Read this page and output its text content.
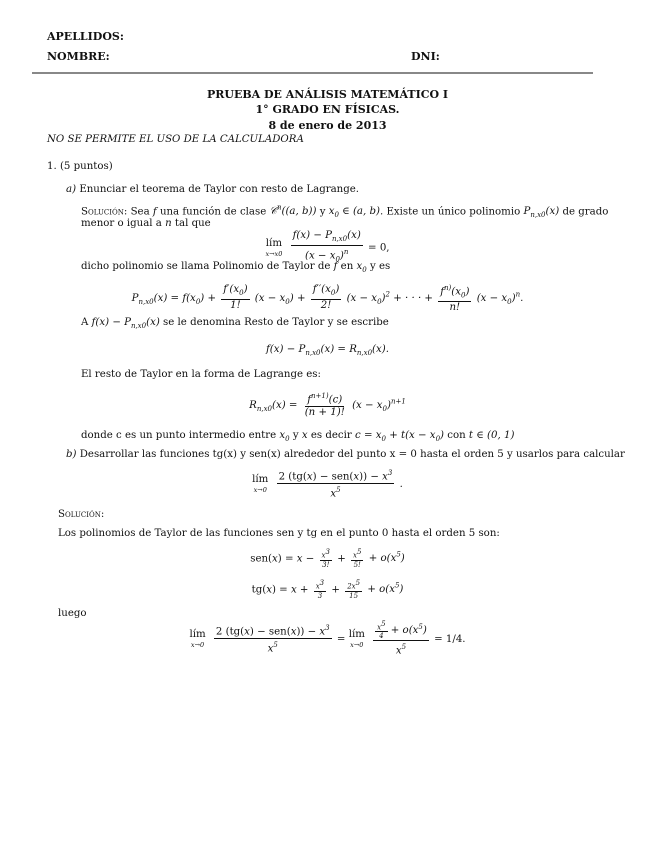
APELLIDOS:
NOMBRE:	DNI:
PRUEBA DE ANÁLISIS MATEMÁTICO I
1° GRADO EN FÍSICAS.
8 de enero de 2013
NO SE PERMITE EL USO DE LA CALCULADORA
1. (5 puntos)
a) Enunciar el teorema de Taylor con resto de Lagrange.
Solución: Sea f una función de clase 𝒞$^n$((a, b)) y $x_0$ ∈ (a, b). Existe un único polinomio $P_{n,x0}(x)$ de grado
menor o igual a n tal que
lím
x→x0
$\frac{f(x) - P_{n,x0}(x)}{(x - x_0)^n} = 0$,
dicho polinomio se llama Polinomio de Taylor de f en $x_0$ y es
$P_{n,x0}(x) = f(x_0) + \frac{f'(x_0)}{1!} (x - x_0) + \frac{f''(x_0)}{2!} (x - x_0)^2$ + · · · + $\frac{f^{n)}(x_0)}{n!} (x - x_0)^n$.
A $f(x) - P_{n,x0}(x)$ se le denomina Resto de Taylor y se escribe
$f(x) - P_{n,x0}(x) = R_{n,x0}(x)$.
El resto de Taylor en la forma de Lagrange es:
$R_{n,x0}(x) = \frac{f^{n+1)}(c)}{(n + 1)!} (x - x_0)^{n+1}$
donde c es un punto intermedio entre $x_0$ y x es decir $c = x_0 + t(x - x_0)$ con t ∈ (0, 1)
b) Desarrollar las funciones tg(x) y sen(x) alrededor del punto x = 0 hasta el orden 5 y usarlos para calcular
lím
x→0
$\frac{2 (tg(x) - sen(x)) - x^3}{x^5}$ .
Solución:
Los polinomios de Taylor de las funciones sen y tg en el punto 0 hasta el orden 5 son:
$sen(x) = x - \frac{x^3}{3!} + \frac{x^5}{5!} + o(x^5)$
$tg(x) = x + \frac{x^3}{3} + \frac{2x^5}{15} + o(x^5)$
luego
lím
x→0
$\frac{2 (tg(x) - sen(x)) - x^3}{x^5}$ = lím
x→0
$\frac{\frac{x^5}{4} + o(x^5)}{x^5} = 1/4$.
